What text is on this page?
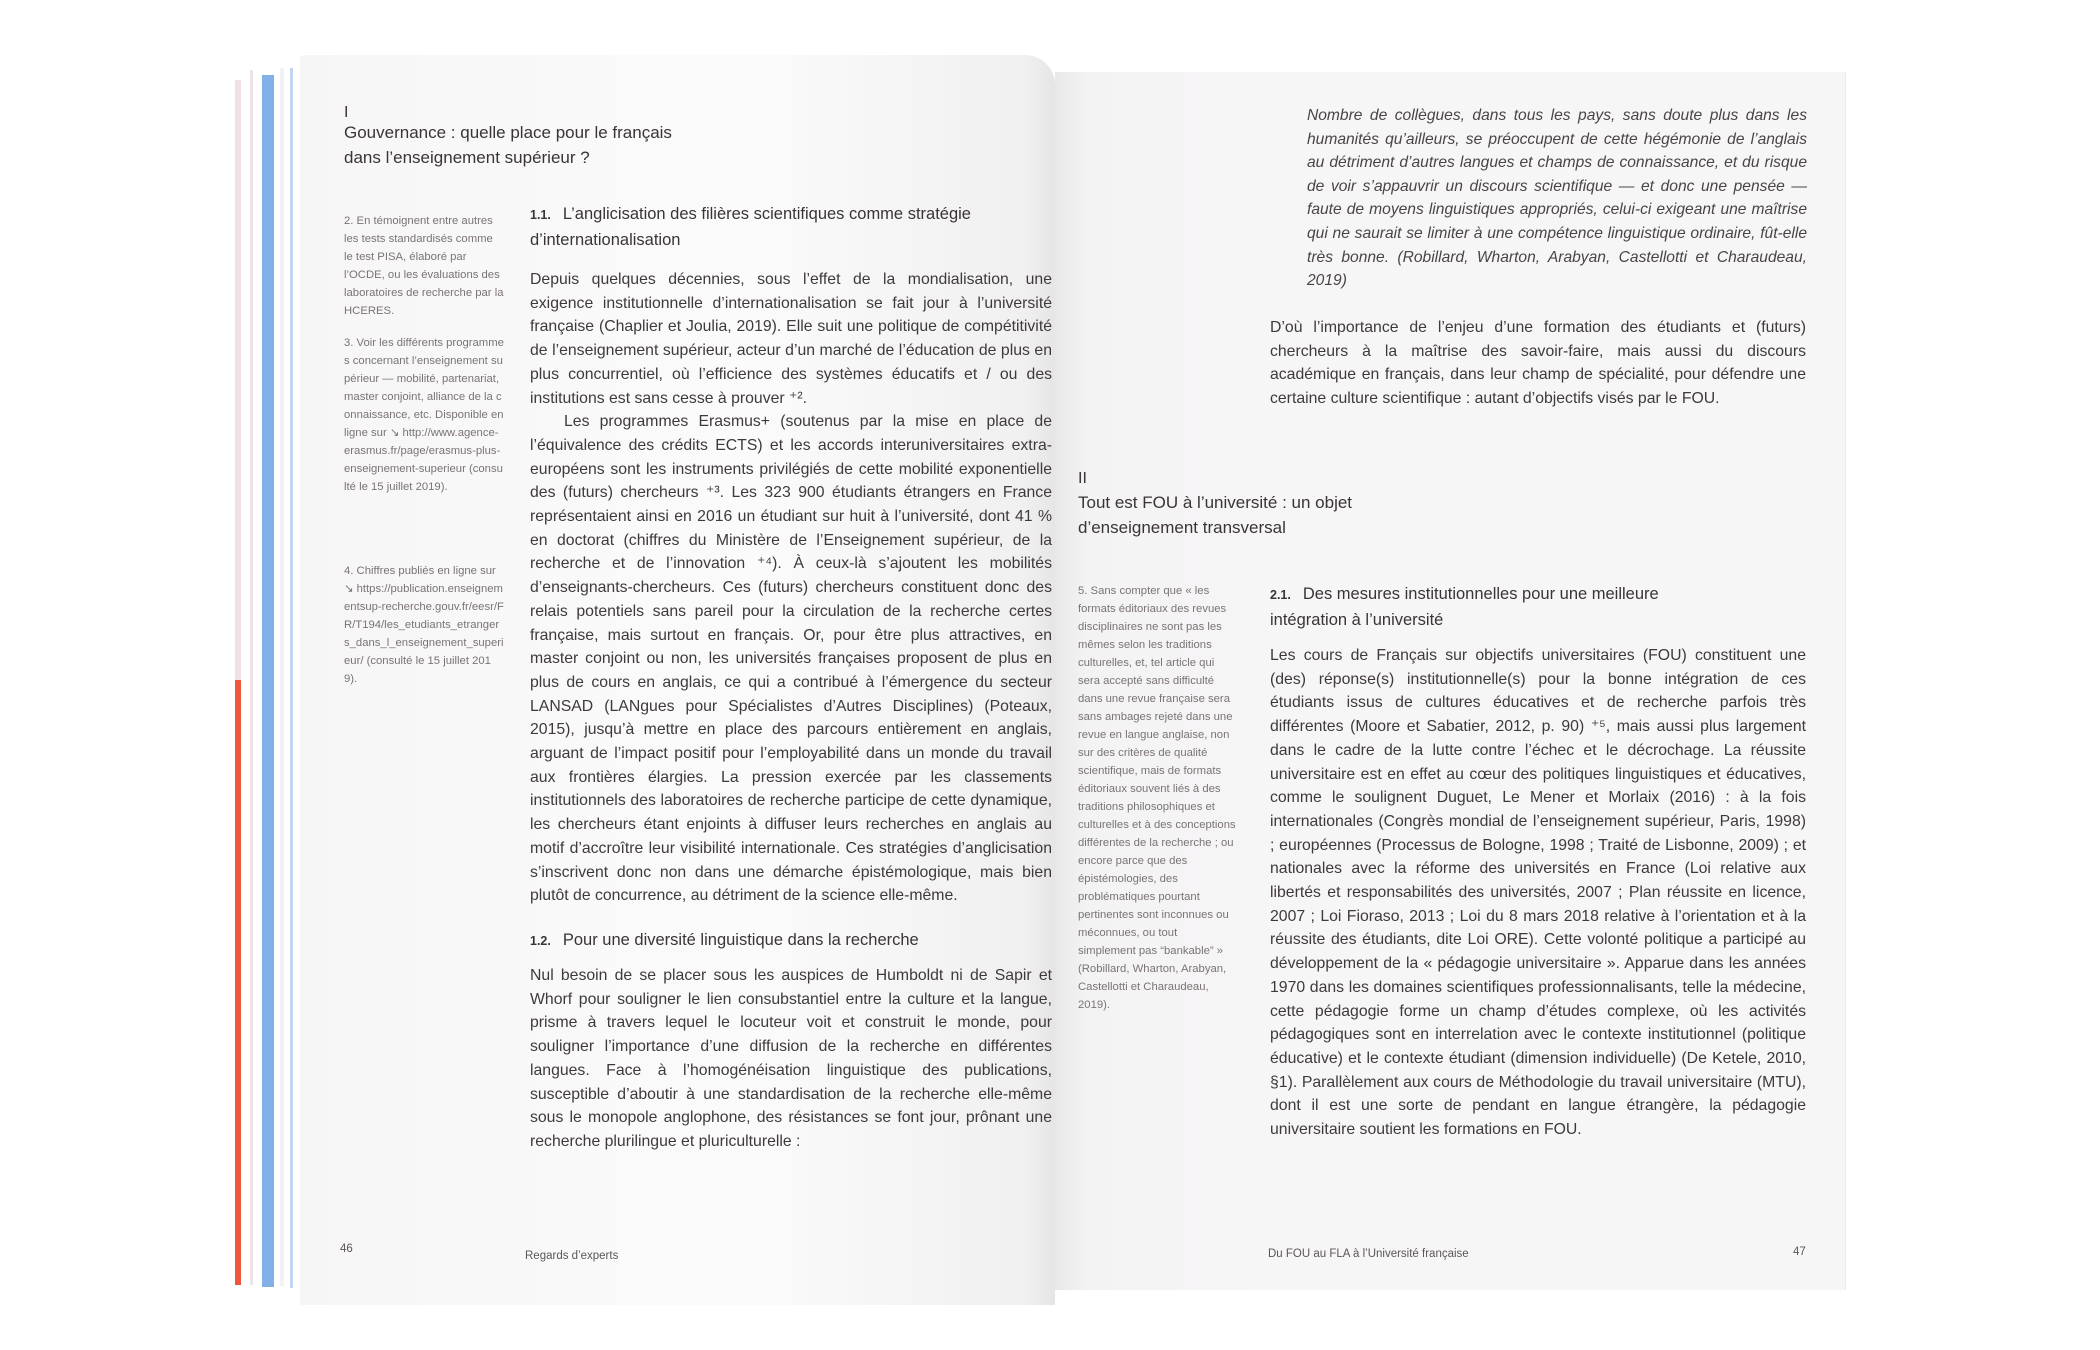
I
Gouvernance : quelle place pour le français
dans l’enseignement supérieur ?
2. En témoignent entre autres les tests standardisés comme le test PISA, élaboré par l’OCDE, ou les évaluations des laboratoires de recherche par la HCERES.
3. Voir les différents programmes concernant l’enseignement supérieur — mobilité, partenariat, master conjoint, alliance de la connaissance, etc. Disponible en ligne sur ↘ http://www.agence-erasmus.fr/page/erasmus-plus-enseignement-superieur (consulté le 15 juillet 2019).
4. Chiffres publiés en ligne sur ↘ https://publication.enseignementsup-recherche.gouv.fr/eesr/FR/T194/les_etudiants_etrangers_dans_l_enseignement_superieur/ (consulté le 15 juillet 2019).
1.1. L’anglicisation des filières scientifiques comme stratégie d’internationalisation

Depuis quelques décennies, sous l’effet de la mondialisation, une exigence institutionnelle d’internationalisation se fait jour à l’université française (Chaplier et Joulia, 2019). Elle suit une politique de compétitivité de l’enseignement supérieur, acteur d’un marché de l’éducation de plus en plus concurrentiel, où l’efficience des systèmes éducatifs et / ou des institutions est sans cesse à prouver ⁺².

Les programmes Erasmus+ (soutenus par la mise en place de l’équivalence des crédits ECTS) et les accords interuniversitaires extra-européens sont les instruments privilégiés de cette mobilité exponentielle des (futurs) chercheurs ⁺³. Les 323 900 étudiants étrangers en France représentaient ainsi en 2016 un étudiant sur huit à l’université, dont 41 % en doctorat (chiffres du Ministère de l’Enseignement supérieur, de la recherche et de l’innovation ⁺⁴). À ceux-là s’ajoutent les mobilités d’enseignants-chercheurs. Ces (futurs) chercheurs constituent donc des relais potentiels sans pareil pour la circulation de la recherche certes française, mais surtout en français. Or, pour être plus attractives, en master conjoint ou non, les universités françaises proposent de plus en plus de cours en anglais, ce qui a contribué à l’émergence du secteur LANSAD (LANgues pour Spécialistes d’Autres Disciplines) (Poteaux, 2015), jusqu’à mettre en place des parcours entièrement en anglais, arguant de l’impact positif pour l’employabilité dans un monde du travail aux frontières élargies. La pression exercée par les classements institutionnels des laboratoires de recherche participe de cette dynamique, les chercheurs étant enjoints à diffuser leurs recherches en anglais au motif d’accroître leur visibilité internationale. Ces stratégies d’anglicisation s’inscrivent donc non dans une démarche épistémologique, mais bien plutôt de concurrence, au détriment de la science elle-même.

1.2. Pour une diversité linguistique dans la recherche

Nul besoin de se placer sous les auspices de Humboldt ni de Sapir et Whorf pour souligner le lien consubstantiel entre la culture et la langue, prisme à travers lequel le locuteur voit et construit le monde, pour souligner l’importance d’une diffusion de la recherche en différentes langues. Face à l’homogénéisation linguistique des publications, susceptible d’aboutir à une standardisation de la recherche elle-même sous le monopole anglophone, des résistances se font jour, prônant une recherche plurilingue et pluriculturelle :

46
Regards d’experts
Nombre de collègues, dans tous les pays, sans doute plus dans les humanités qu’ailleurs, se préoccupent de cette hégémonie de l’anglais au détriment d’autres langues et champs de connaissance, et du risque de voir s’appauvrir un discours scientifique — et donc une pensée — faute de moyens linguistiques appropriés, celui-ci exigeant une maîtrise qui ne saurait se limiter à une compétence linguistique ordinaire, fût-elle très bonne. (Robillard, Wharton, Arabyan, Castellotti et Charaudeau, 2019)

D’où l’importance de l’enjeu d’une formation des étudiants et (futurs) chercheurs à la maîtrise des savoir-faire, mais aussi du discours académique en français, dans leur champ de spécialité, pour défendre une certaine culture scientifique : autant d’objectifs visés par le FOU.

II
Tout est FOU à l’université : un objet
d’enseignement transversal
5. Sans compter que « les formats éditoriaux des revues disciplinaires ne sont pas les mêmes selon les traditions culturelles, et, tel article qui sera accepté sans difficulté dans une revue française sera sans ambages rejeté dans une revue en langue anglaise, non sur des critères de qualité scientifique, mais de formats éditoriaux souvent liés à des traditions philosophiques et culturelles et à des conceptions différentes de la recherche ; ou encore parce que des épistémologies, des problématiques pourtant pertinentes sont inconnues ou méconnues, ou tout simplement pas “bankable” » (Robillard, Wharton, Arabyan, Castellotti et Charaudeau, 2019).
2.1. Des mesures institutionnelles pour une meilleure
intégration à l’université

Les cours de Français sur objectifs universitaires (FOU) constituent une (des) réponse(s) institutionnelle(s) pour la bonne intégration de ces étudiants issus de cultures éducatives et de recherche parfois très différentes (Moore et Sabatier, 2012, p. 90) ⁺⁵, mais aussi plus largement dans le cadre de la lutte contre l’échec et le décrochage. La réussite universitaire est en effet au cœur des politiques linguistiques et éducatives, comme le soulignent Duguet, Le Mener et Morlaix (2016) : à la fois internationales (Congrès mondial de l’enseignement supérieur, Paris, 1998) ; européennes (Processus de Bologne, 1998 ; Traité de Lisbonne, 2009) ; et nationales avec la réforme des universités en France (Loi relative aux libertés et responsabilités des universités, 2007 ; Plan réussite en licence, 2007 ; Loi Fioraso, 2013 ; Loi du 8 mars 2018 relative à l’orientation et à la réussite des étudiants, dite Loi ORE). Cette volonté politique a participé au développement de la « pédagogie universitaire ». Apparue dans les années 1970 dans les domaines scientifiques professionnalisants, telle la médecine, cette pédagogie forme un champ d’études complexe, où les activités pédagogiques sont en interrelation avec le contexte institutionnel (politique éducative) et le contexte étudiant (dimension individuelle) (De Ketele, 2010, §1). Parallèlement aux cours de Méthodologie du travail universitaire (MTU), dont il est une sorte de pendant en langue étrangère, la pédagogie universitaire soutient les formations en FOU.

Du FOU au FLA à l’Université française	47
